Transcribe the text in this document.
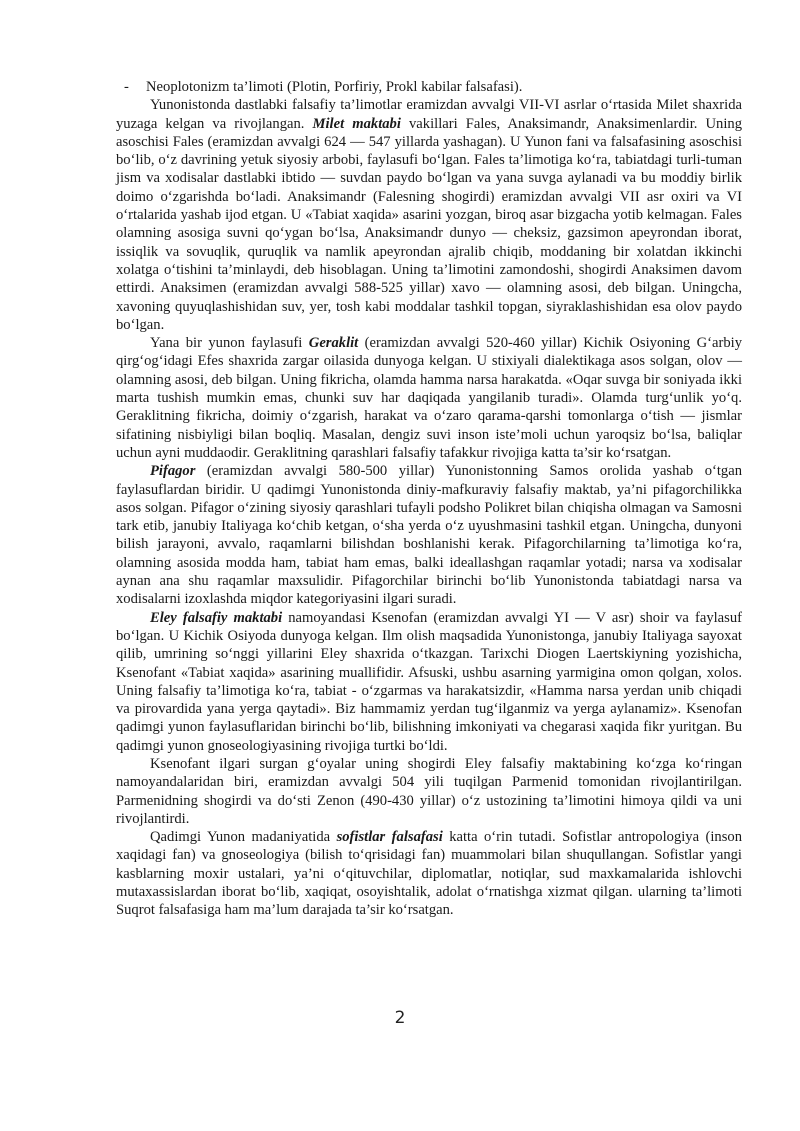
- Neoplotonizm ta’limoti (Plotin, Porfiriy, Prokl kabilar falsafasi).

Yunonistonda dastlabki falsafiy ta’limotlar eramizdan avvalgi VII-VI asrlar o‘rtasida Milet shaxrida yuzaga kelgan va rivojlangan. Milet maktabi vakillari Fales, Anaksimandr, Anaksimenlardir. Uning asoschisi Fales (eramizdan avvalgi 624 — 547 yillarda yashagan). U Yunon fani va falsafasining asoschisi bo‘lib, o‘z davrining yetuk siyosiy arbobi, faylasufi bo‘lgan. Fales ta’limotiga ko‘ra, tabiatdagi turli-tuman jism va xodisalar dastlabki ibtido — suvdan paydo bo‘lgan va yana suvga aylanadi va bu moddiy birlik doimo o‘zgarishda bo‘ladi. Anaksimandr (Falesning shogirdi) eramizdan avvalgi VII asr oxiri va VI o‘rtalarida yashab ijod etgan. U «Tabiat xaqida» asarini yozgan, biroq asar bizgacha yotib kelmagan. Fales olamning asosiga suvni qo‘ygan bo‘lsa, Anaksimandr dunyo — cheksiz, gazsimon apeyrondan iborat, issiqlik va sovuqlik, quruqlik va namlik apeyrondan ajralib chiqib, moddaning bir xolatdan ikkinchi xolatga o‘tishini ta’minlaydi, deb hisoblagan. Uning ta’limotini zamondoshi, shogirdi Anaksimen davom ettirdi. Anaksimen (eramizdan avvalgi 588-525 yillar) xavo — olamning asosi, deb bilgan. Uningcha, xavoning quyuqlashishidan suv, yer, tosh kabi moddalar tashkil topgan, siyraklashishidan esa olov paydo bo‘lgan.

Yana bir yunon faylasufi Geraklit (eramizdan avvalgi 520-460 yillar) Kichik Osiyoning G‘arbiy qirg‘og‘idagi Efes shaxrida zargar oilasida dunyoga kelgan. U stixiyali dialektikaga asos solgan, olov — olamning asosi, deb bilgan. Uning fikricha, olamda hamma narsa harakatda. «Oqar suvga bir soniyada ikki marta tushish mumkin emas, chunki suv har daqiqada yangilanib turadi». Olamda turg‘unlik yo‘q. Geraklitning fikricha, doimiy o‘zgarish, harakat va o‘zaro qarama-qarshi tomonlarga o‘tish — jismlar sifatining nisbiyligi bilan boqliq. Masalan, dengiz suvi inson iste’moli uchun yaroqsiz bo‘lsa, baliqlar uchun ayni muddaodir. Geraklitning qarashlari falsafiy tafakkur rivojiga katta ta’sir ko‘rsatgan.

Pifagor (eramizdan avvalgi 580-500 yillar) Yunonistonning Samos orolida yashab o‘tgan faylasuflardan biridir. U qadimgi Yunonistonda diniy-mafkuraviy falsafiy maktab, ya’ni pifagorchilikka asos solgan. Pifagor o‘zining siyosiy qarashlari tufayli podsho Polikret bilan chiqisha olmagan va Samosni tark etib, janubiy Italiyaga ko‘chib ketgan, o‘sha yerda o‘z uyushmasini tashkil etgan. Uningcha, dunyoni bilish jarayoni, avvalo, raqamlarni bilishdan boshlanishi kerak. Pifagorchilarning ta’limotiga ko‘ra, olamning asosida modda ham, tabiat ham emas, balki ideallashgan raqamlar yotadi; narsa va xodisalar aynan ana shu raqamlar maxsulidir. Pifagorchilar birinchi bo‘lib Yunonistonda tabiatdagi narsa va xodisalarni izoxlashda miqdor kategoriyasini ilgari suradi.

Eley falsafiy maktabi namoyandasi Ksenofan (eramizdan avvalgi YI — V asr) shoir va faylasuf bo‘lgan. U Kichik Osiyoda dunyoga kelgan. Ilm olish maqsadida Yunonistonga, janubiy Italiyaga sayoxat qilib, umrining so‘nggi yillarini Eley shaxrida o‘tkazgan. Tarixchi Diogen Laertskiyning yozishicha, Ksenofant «Tabiat xaqida» asarining muallifidir. Afsuski, ushbu asarning yarmigina omon qolgan, xolos. Uning falsafiy ta’limotiga ko‘ra, tabiat - o‘zgarmas va harakatsizdir, «Hamma narsa yerdan unib chiqadi va pirovardida yana yerga qaytadi». Biz hammamiz yerdan tug‘ilganmiz va yerga aylanamiz». Ksenofan qadimgi yunon faylasuflaridan birinchi bo‘lib, bilishning imkoniyati va chegarasi xaqida fikr yuritgan. Bu qadimgi yunon gnoseologiyasining rivojiga turtki bo‘ldi.

Ksenofant ilgari surgan g‘oyalar uning shogirdi Eley falsafiy maktabining ko‘zga ko‘ringan namoyandalaridan biri, eramizdan avvalgi 504 yili tuqilgan Parmenid tomonidan rivojlantirilgan. Parmenidning shogirdi va do‘sti Zenon (490-430 yillar) o‘z ustozining ta’limotini himoya qildi va uni rivojlantirdi.

Qadimgi Yunon madaniyatida sofistlar falsafasi katta o‘rin tutadi. Sofistlar antropologiya (inson xaqidagi fan) va gnoseologiya (bilish to‘qrisidagi fan) muammolari bilan shuqullangan. Sofistlar yangi kasblarning moxir ustalari, ya’ni o‘qituvchilar, diplomatlar, notiqlar, sud maxkamalarida ishlovchi mutaxassislardan iborat bo‘lib, xaqiqat, osoyishtalik, adolat o‘rnatishga xizmat qilgan. ularning ta’limoti Suqrot falsafasiga ham ma’lum darajada ta’sir ko‘rsatgan.

2
